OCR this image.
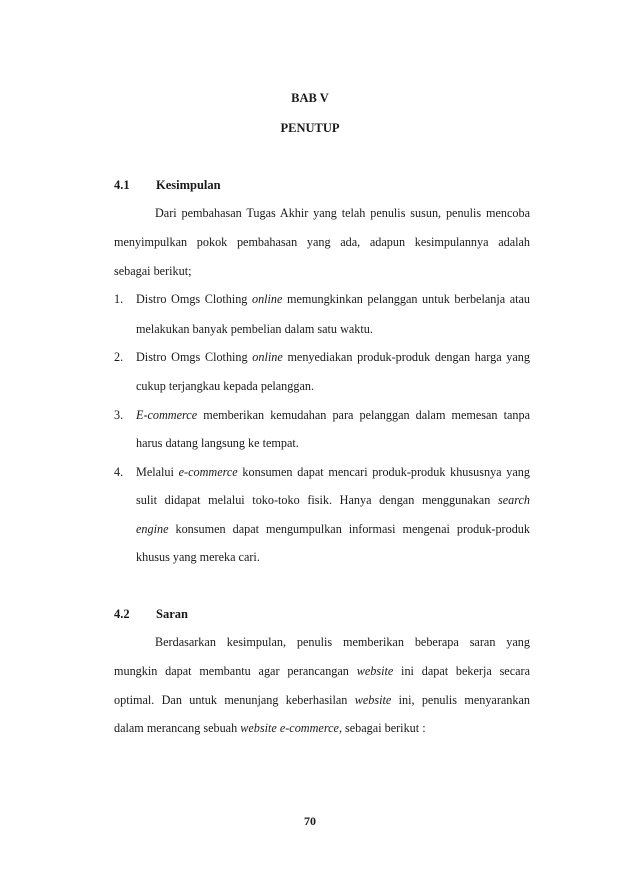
BAB V
PENUTUP
4.1 Kesimpulan
Dari pembahasan Tugas Akhir yang telah penulis susun, penulis mencoba
menyimpulkan pokok pembahasan yang ada, adapun kesimpulannya adalah
sebagai berikut;
1. Distro Omgs Clothing online memungkinkan pelanggan untuk berbelanja atau
melakukan banyak pembelian dalam satu waktu.
2. Distro Omgs Clothing online menyediakan produk-produk dengan harga yang
cukup terjangkau kepada pelanggan.
3. E-commerce memberikan kemudahan para pelanggan dalam memesan tanpa
harus datang langsung ke tempat.
4. Melalui e-commerce konsumen dapat mencari produk-produk khususnya yang
sulit didapat melalui toko-toko fisik. Hanya dengan menggunakan search
engine konsumen dapat mengumpulkan informasi mengenai produk-produk
khusus yang mereka cari.
4.2 Saran
Berdasarkan kesimpulan, penulis memberikan beberapa saran yang
mungkin dapat membantu agar perancangan website ini dapat bekerja secara
optimal. Dan untuk menunjang keberhasilan website ini, penulis menyarankan
dalam merancang sebuah website e-commerce, sebagai berikut :
70
